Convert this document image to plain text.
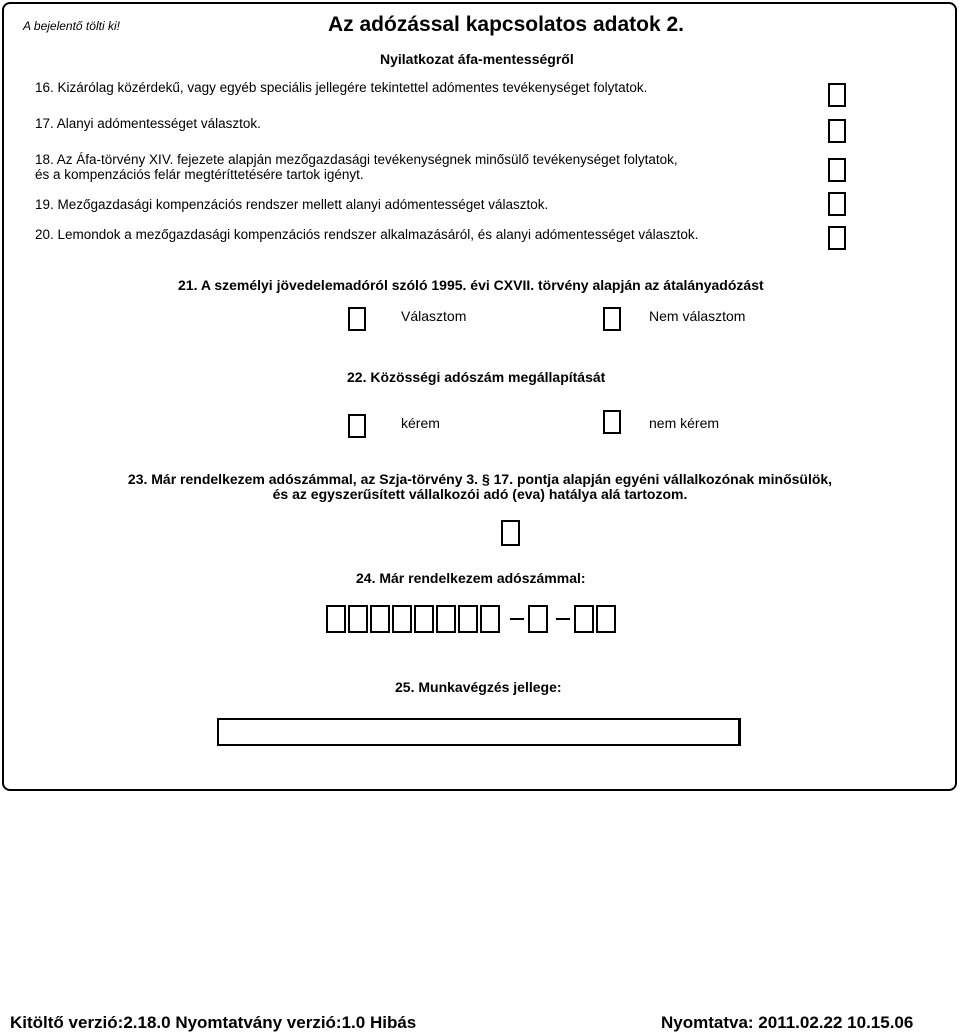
A bejelentő tölti ki!	Az adózással kapcsolatos adatok 2.
Nyilatkozat áfa-mentességről
16. Kizárólag közérdekű, vagy egyéb speciális jellegére tekintettel adómentes tevékenységet folytatok.
17. Alanyi adómentességet választok.
18. Az Áfa-törvény XIV. fejezete alapján mezőgazdasági tevékenységnek minősülő tevékenységet folytatok,
és a kompenzációs felár megtéríttetésére tartok igényt.
19. Mezőgazdasági kompenzációs rendszer mellett alanyi adómentességet választok.
20. Lemondok a mezőgazdasági kompenzációs rendszer alkalmazásáról, és alanyi adómentességet választok.
21. A személyi jövedelemadóról szóló 1995. évi CXVII. törvény alapján az átalányadózást
Választom	Nem választom
22. Közösségi adószám megállapítását
kérem	nem kérem
23. Már rendelkezem adószámmal, az Szja-törvény 3. § 17. pontja alapján egyéni vállalkozónak minősülök,
és az egyszerűsített vállalkozói adó (eva) hatálya alá tartozom.
24. Már rendelkezem adószámmal:
25. Munkavégzés jellege:
Kitöltő verzió:2.18.0 Nyomtatvány verzió:1.0 Hibás	Nyomtatva: 2011.02.22 10.15.06
